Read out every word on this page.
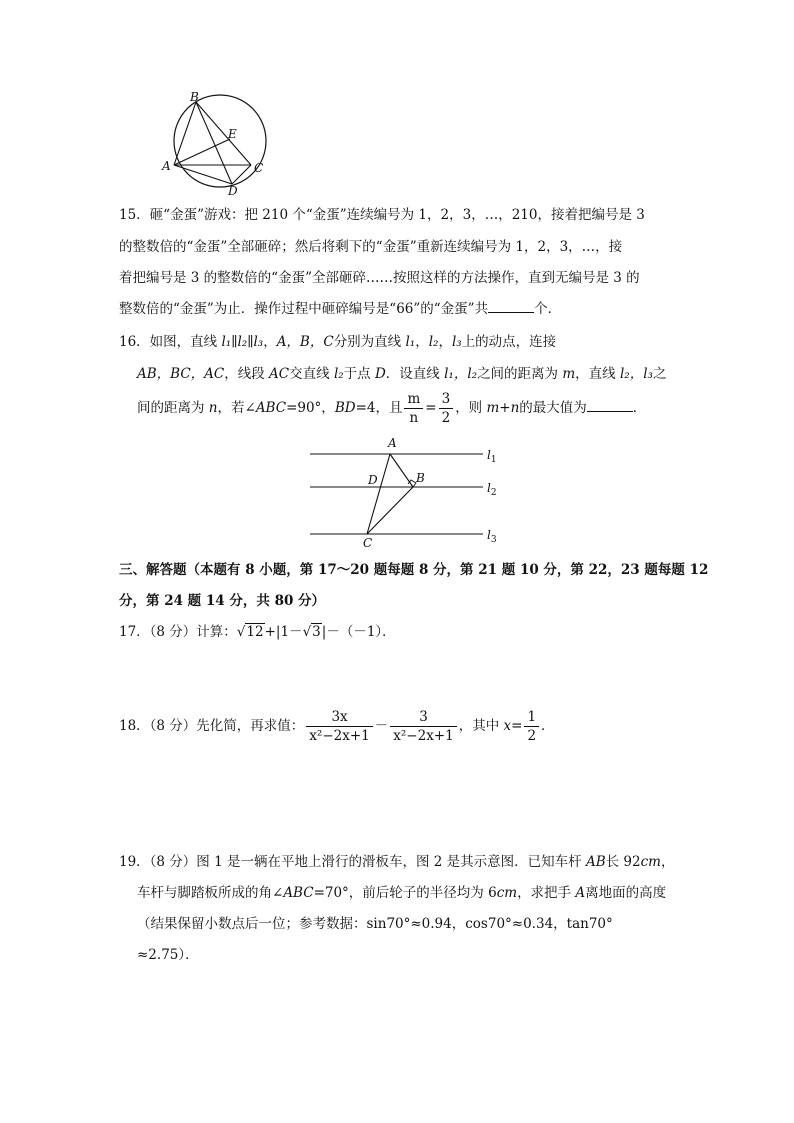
B
E
A	C
D
15．砸“金蛋”游戏：把 210 个“金蛋”连续编号为 1，2，3，…，210，接着把编号是 3
的整数倍的“金蛋”全部砸碎；然后将剩下的“金蛋”重新连续编号为 1，2，3，…，接
着把编号是 3 的整数倍的“金蛋”全部砸碎……按照这样的方法操作，直到无编号是 3 的
整数倍的“金蛋”为止．操作过程中砸碎编号是“66”的“金蛋”共	个．
16．如图，直线 l₁∥l₂∥l₃，A，B，C分别为直线 l₁，l₂，l₃上的动点，连接
AB，BC，AC，线段 AC交直线 l₂于点 D．设直线 l₁，l₂之间的距离为 m，直线 l₂，l₃之
间的距离为 n，若∠ABC=90°，BD=4，且 $\frac{m}{n} = \frac{3}{2}$ ，则 m+n的最大值为	．
A
D	B
C
$l_1$
$l_2$
$l_3$
三、解答题（本题有 8 小题，第 17～20 题每题 8 分，第 21 题 10 分，第 22，23 题每题 12
分，第 24 题 14 分，共 80 分）
17．（8 分）计算：√12+|1－√3|－（－1）．
18．（8 分）先化简，再求值： $\frac{3x}{\text{x²−2x+1}} - \frac{3}{\text{x²−2x+1}}$ ，其中 $x= \frac{1}{2}$ ．
19．（8 分）图 1 是一辆在平地上滑行的滑板车，图 2 是其示意图．已知车杆 AB长 92cm，
车杆与脚踏板所成的角∠ABC=70°，前后轮子的半径均为 6cm，求把手 A离地面的高度
（结果保留小数点后一位；参考数据：sin70°≈0.94，cos70°≈0.34，tan70°
≈2.75）．
